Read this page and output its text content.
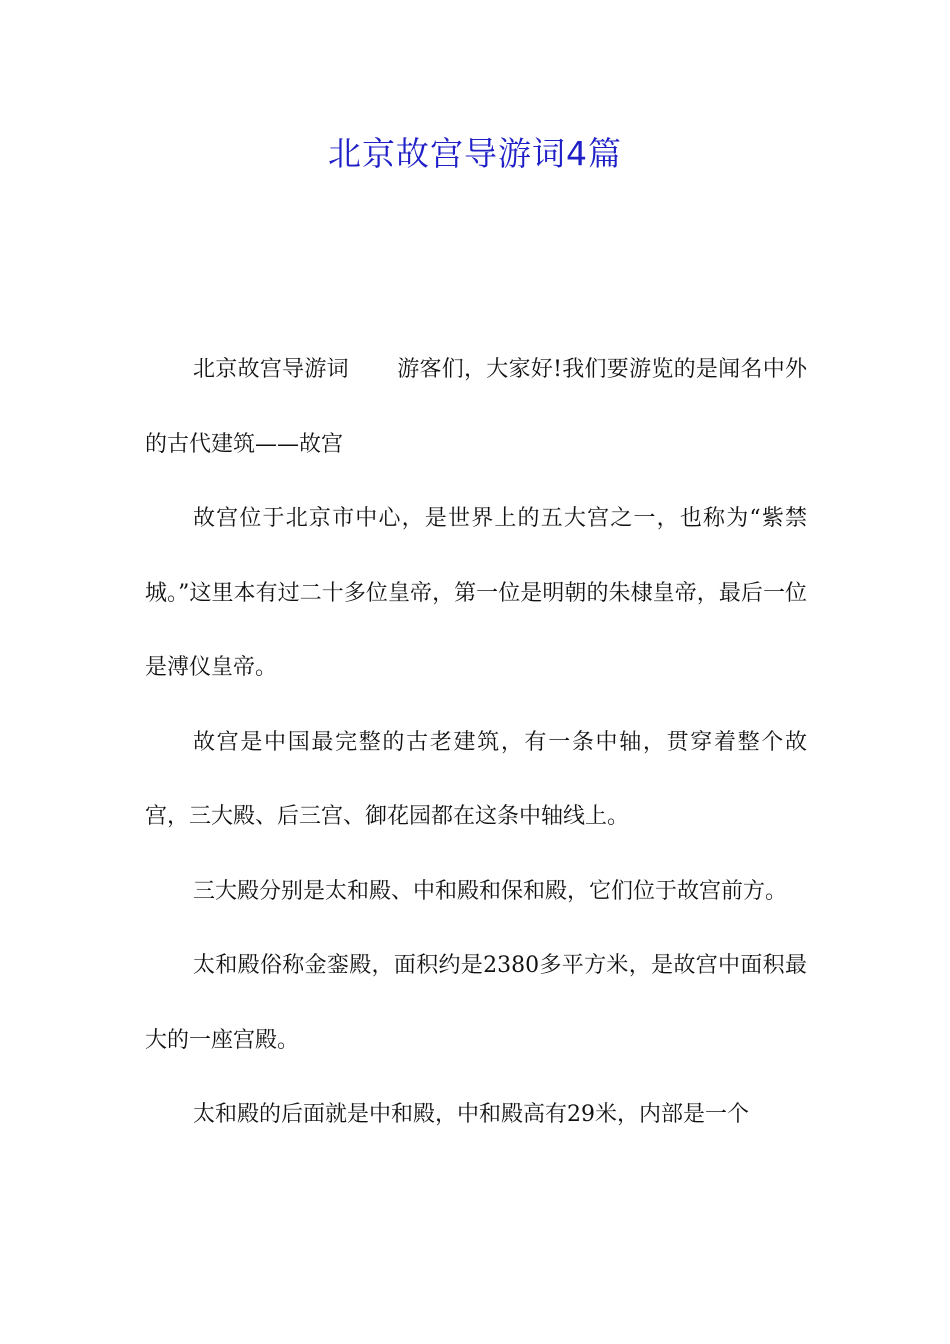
北京故宫导游词4篇

北京故宫导游词 游客们，大家好!我们要游览的是闻名中外的古代建筑——故宫

故宫位于北京市中心，是世界上的五大宫之一，也称为“紫禁城。”这里本有过二十多位皇帝，第一位是明朝的朱棣皇帝，最后一位是溥仪皇帝。

故宫是中国最完整的古老建筑，有一条中轴，贯穿着整个故宫，三大殿、后三宫、御花园都在这条中轴线上。

三大殿分别是太和殿、中和殿和保和殿，它们位于故宫前方。

太和殿俗称金銮殿，面积约是2380多平方米，是故宫中面积最大的一座宫殿。

太和殿的后面就是中和殿，中和殿高有29米，内部是一个
